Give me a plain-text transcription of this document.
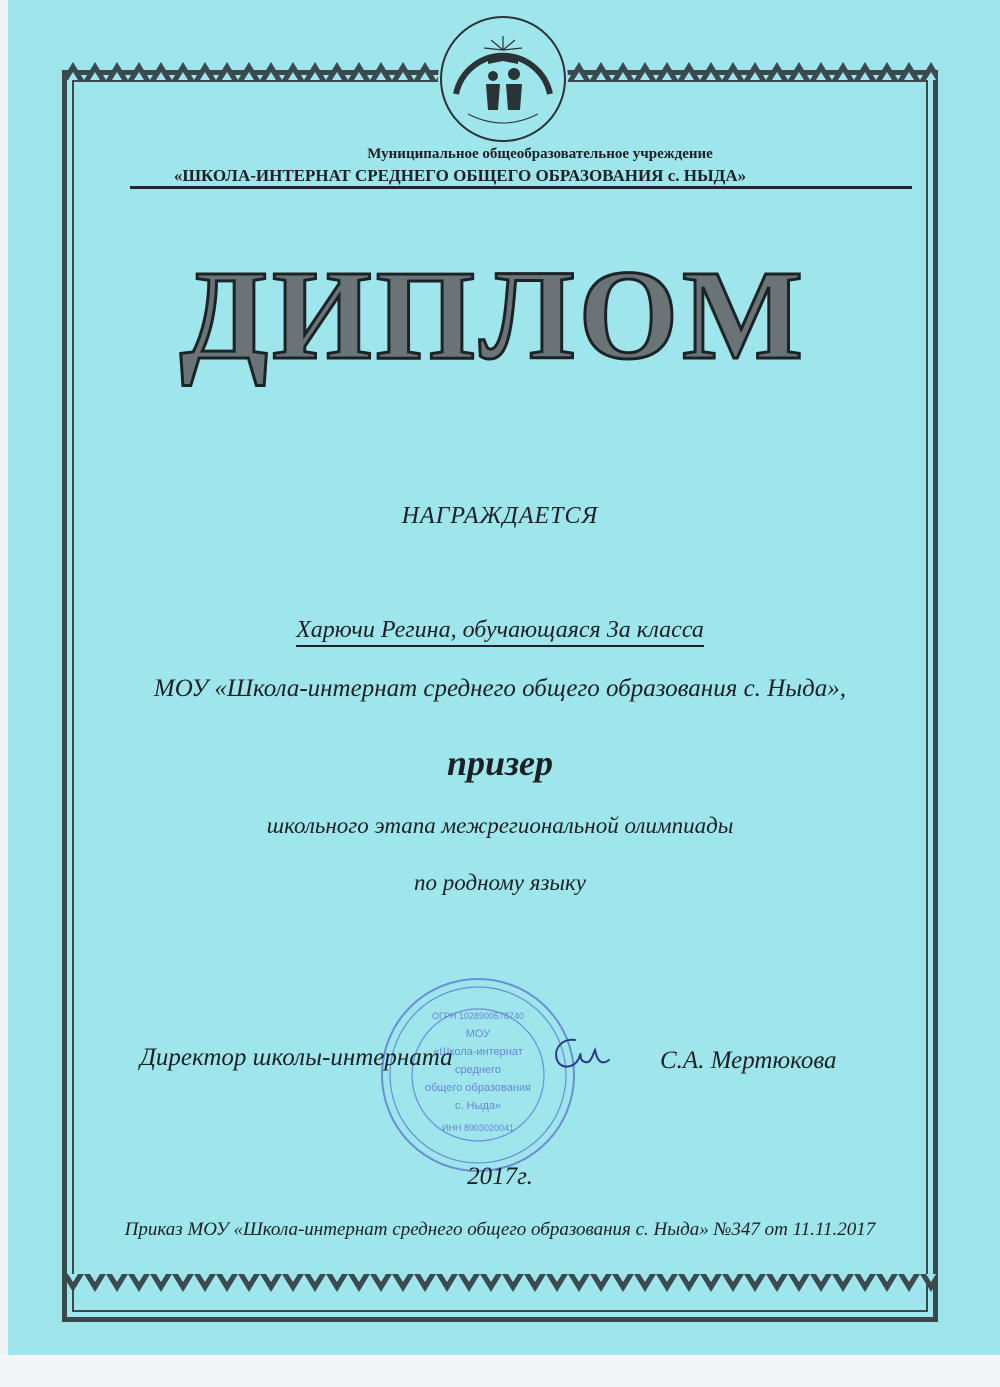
Муниципальное общеобразовательное учреждение
«ШКОЛА-ИНТЕРНАТ СРЕДНЕГО ОБЩЕГО ОБРАЗОВАНИЯ с. НЫДА»
ДИПЛОМ
НАГРАЖДАЕТСЯ
Харючи Регина, обучающаяся 3а класса
МОУ «Школа-интернат среднего общего образования с. Ныда»,
призер
школьного этапа межрегиональной олимпиады
по родному языку
МОУ
«Школа-интернат
среднего
общего образования
с. Ныда»
ОГРН 1028900578740
ИНН 8903020041
Директор школы-интерната	С.А. Мертюкова
2017г.
Приказ МОУ «Школа-интернат среднего общего образования с. Ныда» №347 от 11.11.2017
